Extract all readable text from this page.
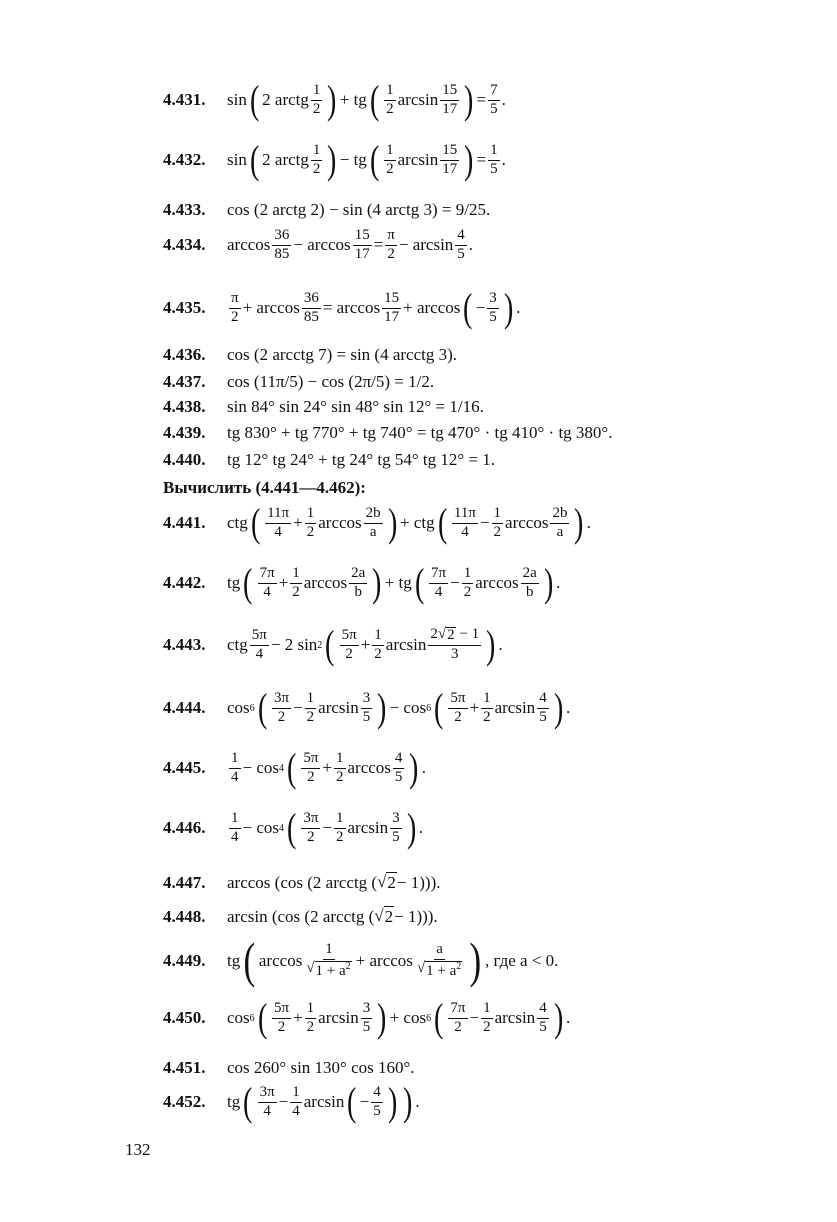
4.431.	sin ( 2 arctg $\frac{1}{2}$ ) + tg ( $\frac{1}{2}$ $\arcsin \frac{15}{17}$ ) = $\frac{7}{5}$ .
4.432.	sin ( 2 arctg $\frac{1}{2}$ ) − tg ( $\frac{1}{2}$ $\arcsin \frac{15}{17}$ ) = $\frac{1}{5}$ .
4.433.	cos (2 arctg 2) − sin (4 arctg 3) = 9/25.
4.434.	$\arccos \frac{36}{85} - \arccos \frac{15}{17} = \frac{\pi}{2} - \arcsin \frac{4}{5}$ .
4.435.	$\frac{\pi}{2} + \arccos \frac{36}{85} = \arccos \frac{15}{17} + \arccos$ ( − $\frac{3}{5}$ ) .
4.436.	cos (2 arcctg 7) = sin (4 arcctg 3).
4.437.	cos (11π/5) − cos (2π/5) = 1/2.
4.438.	sin 84° sin 24° sin 48° sin 12° = 1/16.
4.439.	tg 830° + tg 770° + tg 740° = tg 470° · tg 410° · tg 380°.
4.440.	tg 12° tg 24° + tg 24° tg 54° tg 12° = 1.
Вычислить (4.441—4.462):
4.441.	ctg ( $\frac{11\pi}{4} + \frac{1}{2}$ $\arccos \frac{2b}{a}$ ) + ctg ( $\frac{11\pi}{4} - \frac{1}{2}$ $\arccos \frac{2b}{a}$ ) .
4.442.	tg ( $\frac{7\pi}{4} + \frac{1}{2}$ $\arccos \frac{2a}{b}$ ) + tg ( $\frac{7\pi}{4} - \frac{1}{2}$ $\arccos \frac{2a}{b}$ ) .
4.443.	ctg $\frac{5\pi}{4} - 2$ sin 2 ( $\frac{5\pi}{2} + \frac{1}{2}$ $\arcsin \frac{2√ 2 - 1}{3}$ ) .
4.444.	cos 6 ( $\frac{3\pi}{2} - \frac{1}{2}$ $\arcsin \frac{3}{5}$ ) − cos 6 ( $\frac{5\pi}{2} + \frac{1}{2}$ $\arcsin \frac{4}{5}$ ) .
4.445.	$\frac{1}{4} - \cos 4$ ( $\frac{5\pi}{2} + \frac{1}{2}$ $\arccos \frac{4}{5}$ ) .
4.446.	$\frac{1}{4} - \cos 4$ ( $\frac{3\pi}{2} - \frac{1}{2}$ $\arcsin \frac{3}{5}$ ) .
4.447.	arccos (cos (2 arcctg ( √ 2 − 1))).
4.448.	arcsin (cos (2 arcctg ( √ 2 − 1))).
4.449.	tg ( $\arccos \frac{1}{√ 1 + a^2} + \arccos \frac{a}{√ 1 + a^2}$ ) , где a < 0.
4.450.	cos 6 ( $\frac{5\pi}{2} + \frac{1}{2}$ $\arcsin \frac{3}{5}$ ) + cos 6 ( $\frac{7\pi}{2} - \frac{1}{2}$ $\arcsin \frac{4}{5}$ ) .
4.451.	cos 260° sin 130° cos 160°.
4.452.	tg ( $\frac{3\pi}{4} - \frac{1}{4}$ arcsin ( − $\frac{4}{5}$ ) ) .
132
